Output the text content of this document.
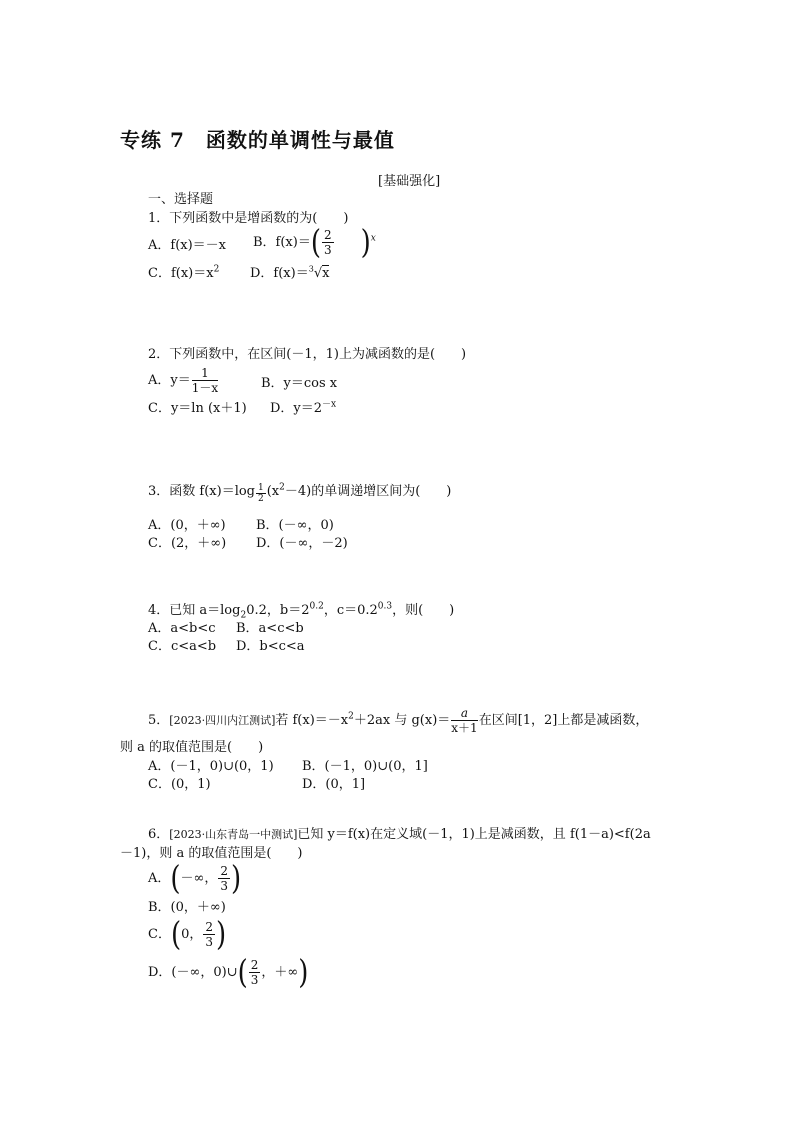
专练 7　函数的单调性与最值
[基础强化]
一、选择题
1．下列函数中是增函数的为(　　)
A．f(x)＝－x B．$f(x)=( \frac{2}{3} )^x$
C．$f(x)=x^2$ D．f(x)＝$^3$√x
2．下列函数中，在区间(－1，1)上为减函数的是(　　)
A．$y= \frac{1}{1-x}$	B．y＝cos x
C．y＝ln (x＋1) D．$y=2^{-x}$
3．函数 $f(x)=\log \frac{1}{2} (x^2-4)$的单调递增区间为(　　)
A．(0，＋∞) B．(－∞，0)
C．(2，＋∞) D．(－∞，－2)
4．已知 $a=\log_20.2$，$b=2^{0.2}$，$c=0.2^{0.3}$，则(　　)
A．a<b<c B．a<c<b
C．c<a<b D．b<c<a
5．[2023·四川内江测试]若 $f(x)=-x^2+2ax$ 与 $g(x)= \frac{a}{x+1}$ 在区间[1，2]上都是减函数，
则 a 的取值范围是(　　)
A．(－1，0)∪(0，1) B．(－1，0)∪(0，1]
C．(0，1)	D．(0，1]
6．[2023·山东青岛一中测试]已知 y＝f(x)在定义域(－1，1)上是减函数，且 f(1－a)<f(2a
－1)，则 a 的取值范围是(　　)
A．(－∞， $\frac{2}{3}$ )
B．(0，＋∞)
C．(0， $\frac{2}{3}$ )
D．(－∞，0)∪( $\frac{2}{3}$ ，＋∞)
